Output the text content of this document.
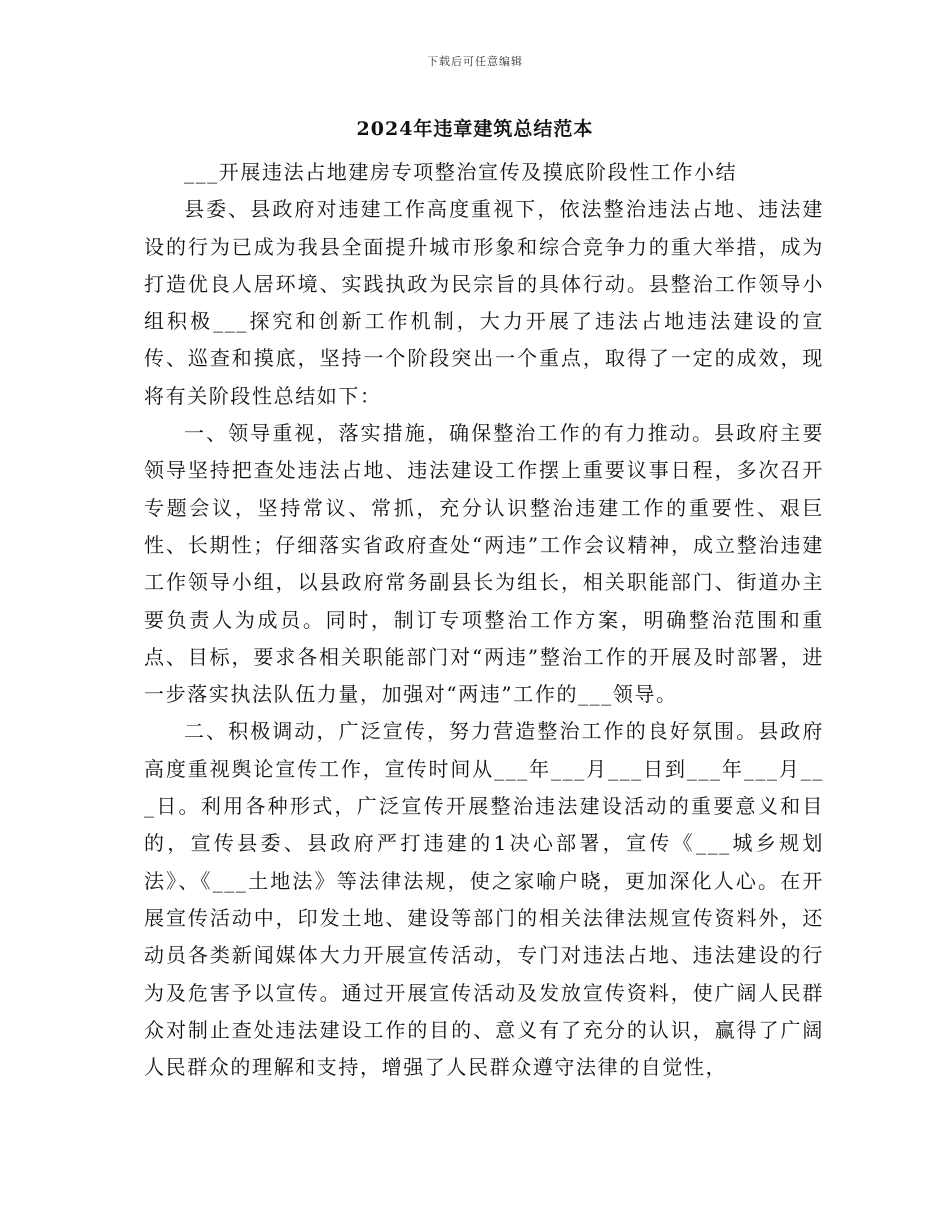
下载后可任意编辑
2024年违章建筑总结范本

___开展违法占地建房专项整治宣传及摸底阶段性工作小结

县委、县政府对违建工作高度重视下，依法整治违法占地、违法建设的行为已成为我县全面提升城市形象和综合竞争力的重大举措，成为打造优良人居环境、实践执政为民宗旨的具体行动。县整治工作领导小组积极___探究和创新工作机制，大力开展了违法占地违法建设的宣传、巡查和摸底，坚持一个阶段突出一个重点，取得了一定的成效，现将有关阶段性总结如下：

一、领导重视，落实措施，确保整治工作的有力推动。县政府主要领导坚持把查处违法占地、违法建设工作摆上重要议事日程，多次召开专题会议，坚持常议、常抓，充分认识整治违建工作的重要性、艰巨性、长期性；仔细落实省政府查处“两违”工作会议精神，成立整治违建工作领导小组，以县政府常务副县长为组长，相关职能部门、街道办主要负责人为成员。同时，制订专项整治工作方案，明确整治范围和重点、目标，要求各相关职能部门对“两违”整治工作的开展及时部署，进一步落实执法队伍力量，加强对“两违”工作的___领导。

二、积极调动，广泛宣传，努力营造整治工作的良好氛围。县政府高度重视舆论宣传工作，宣传时间从___年___月___日到___年___月___日。利用各种形式，广泛宣传开展整治违法建设活动的重要意义和目的，宣传县委、县政府严打违建的1决心部署，宣传《___城乡规划法》、《___土地法》等法律法规，使之家喻户晓，更加深化人心。在开展宣传活动中，印发土地、建设等部门的相关法律法规宣传资料外，还动员各类新闻媒体大力开展宣传活动，专门对违法占地、违法建设的行为及危害予以宣传。通过开展宣传活动及发放宣传资料，使广阔人民群众对制止查处违法建设工作的目的、意义有了充分的认识，赢得了广阔人民群众的理解和支持，增强了人民群众遵守法律的自觉性，
